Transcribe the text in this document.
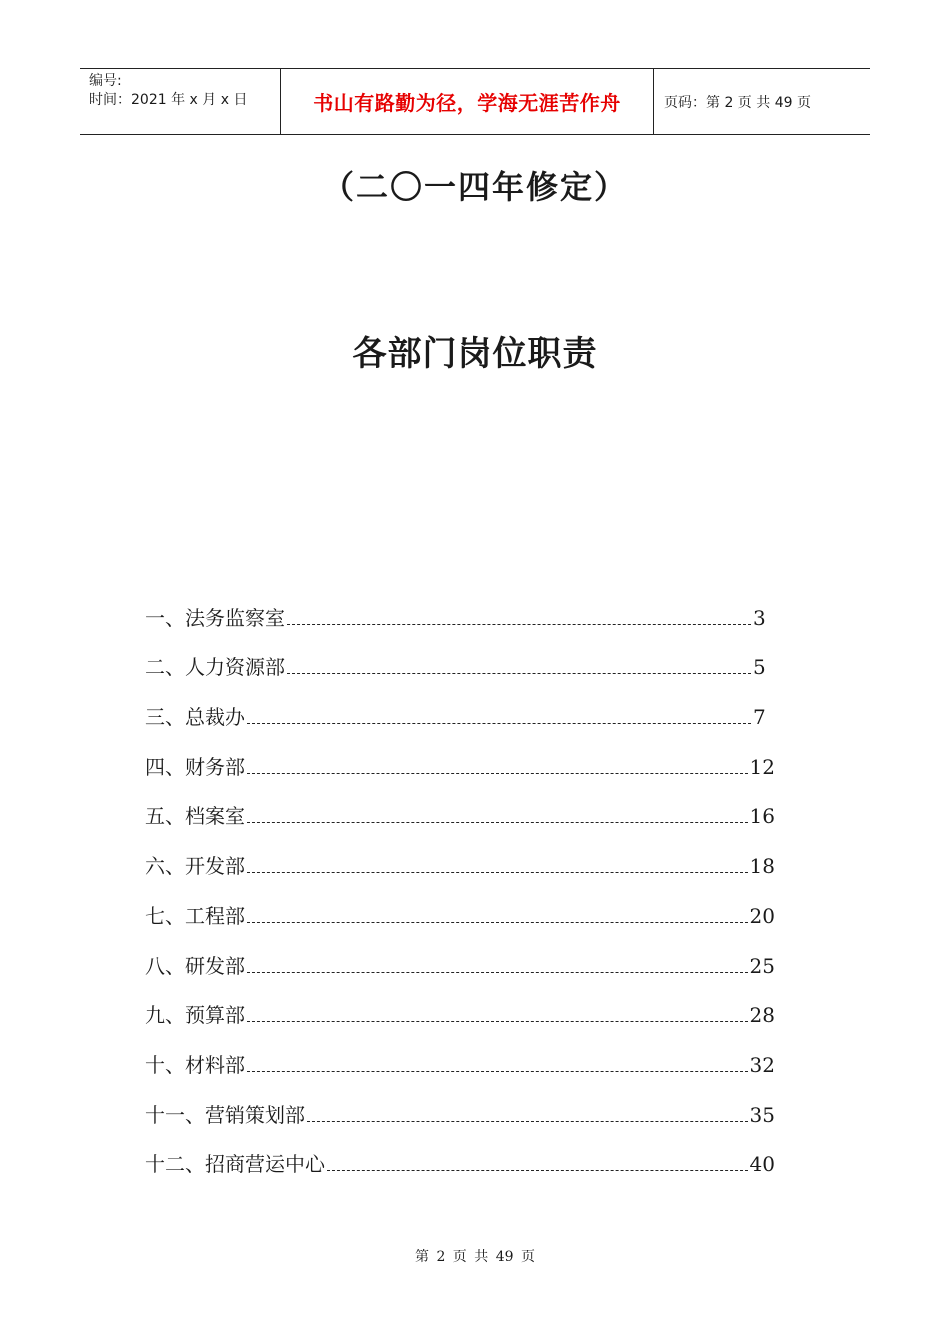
编号:
时间：2021 年 x 月 x 日	书山有路勤为径，学海无涯苦作舟	页码：第 2 页 共 49 页
（二〇一四年修定）
各部门岗位职责
一、法务监察室	3
二、人力资源部	5
三、总裁办	7
四、财务部	12
五、档案室	16
六、开发部	18
七、工程部	20
八、研发部	25
九、预算部	28
十、材料部	32
十一、营销策划部	35
十二、招商营运中心	40
第 2 页 共 49 页
